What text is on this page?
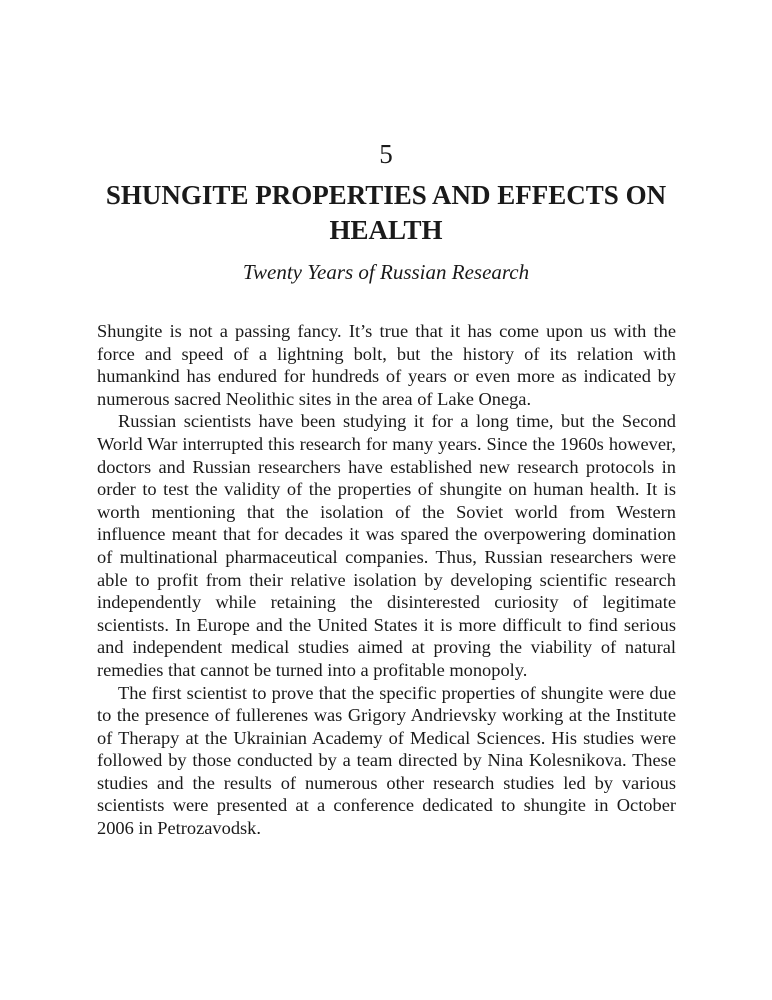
5
SHUNGITE PROPERTIES AND EFFECTS ON HEALTH
Twenty Years of Russian Research

Shungite is not a passing fancy. It’s true that it has come upon us with the force and speed of a lightning bolt, but the history of its relation with humankind has endured for hundreds of years or even more as indicated by numerous sacred Neolithic sites in the area of Lake Onega.

Russian scientists have been studying it for a long time, but the Second World War interrupted this research for many years. Since the 1960s however, doctors and Russian researchers have established new research protocols in order to test the validity of the properties of shungite on human health. It is worth mentioning that the isolation of the Soviet world from Western influence meant that for decades it was spared the overpowering domination of multinational pharmaceutical companies. Thus, Russian researchers were able to profit from their relative isolation by developing scientific research independently while retaining the disinterested curiosity of legitimate scientists. In Europe and the United States it is more difficult to find serious and independent medical studies aimed at proving the viability of natural remedies that cannot be turned into a profitable monopoly.

The first scientist to prove that the specific properties of shungite were due to the presence of fullerenes was Grigory Andrievsky working at the Institute of Therapy at the Ukrainian Academy of Medical Sciences. His studies were followed by those conducted by a team directed by Nina Kolesnikova. These studies and the results of numerous other research studies led by various scientists were presented at a conference dedicated to shungite in October 2006 in Petrozavodsk.
